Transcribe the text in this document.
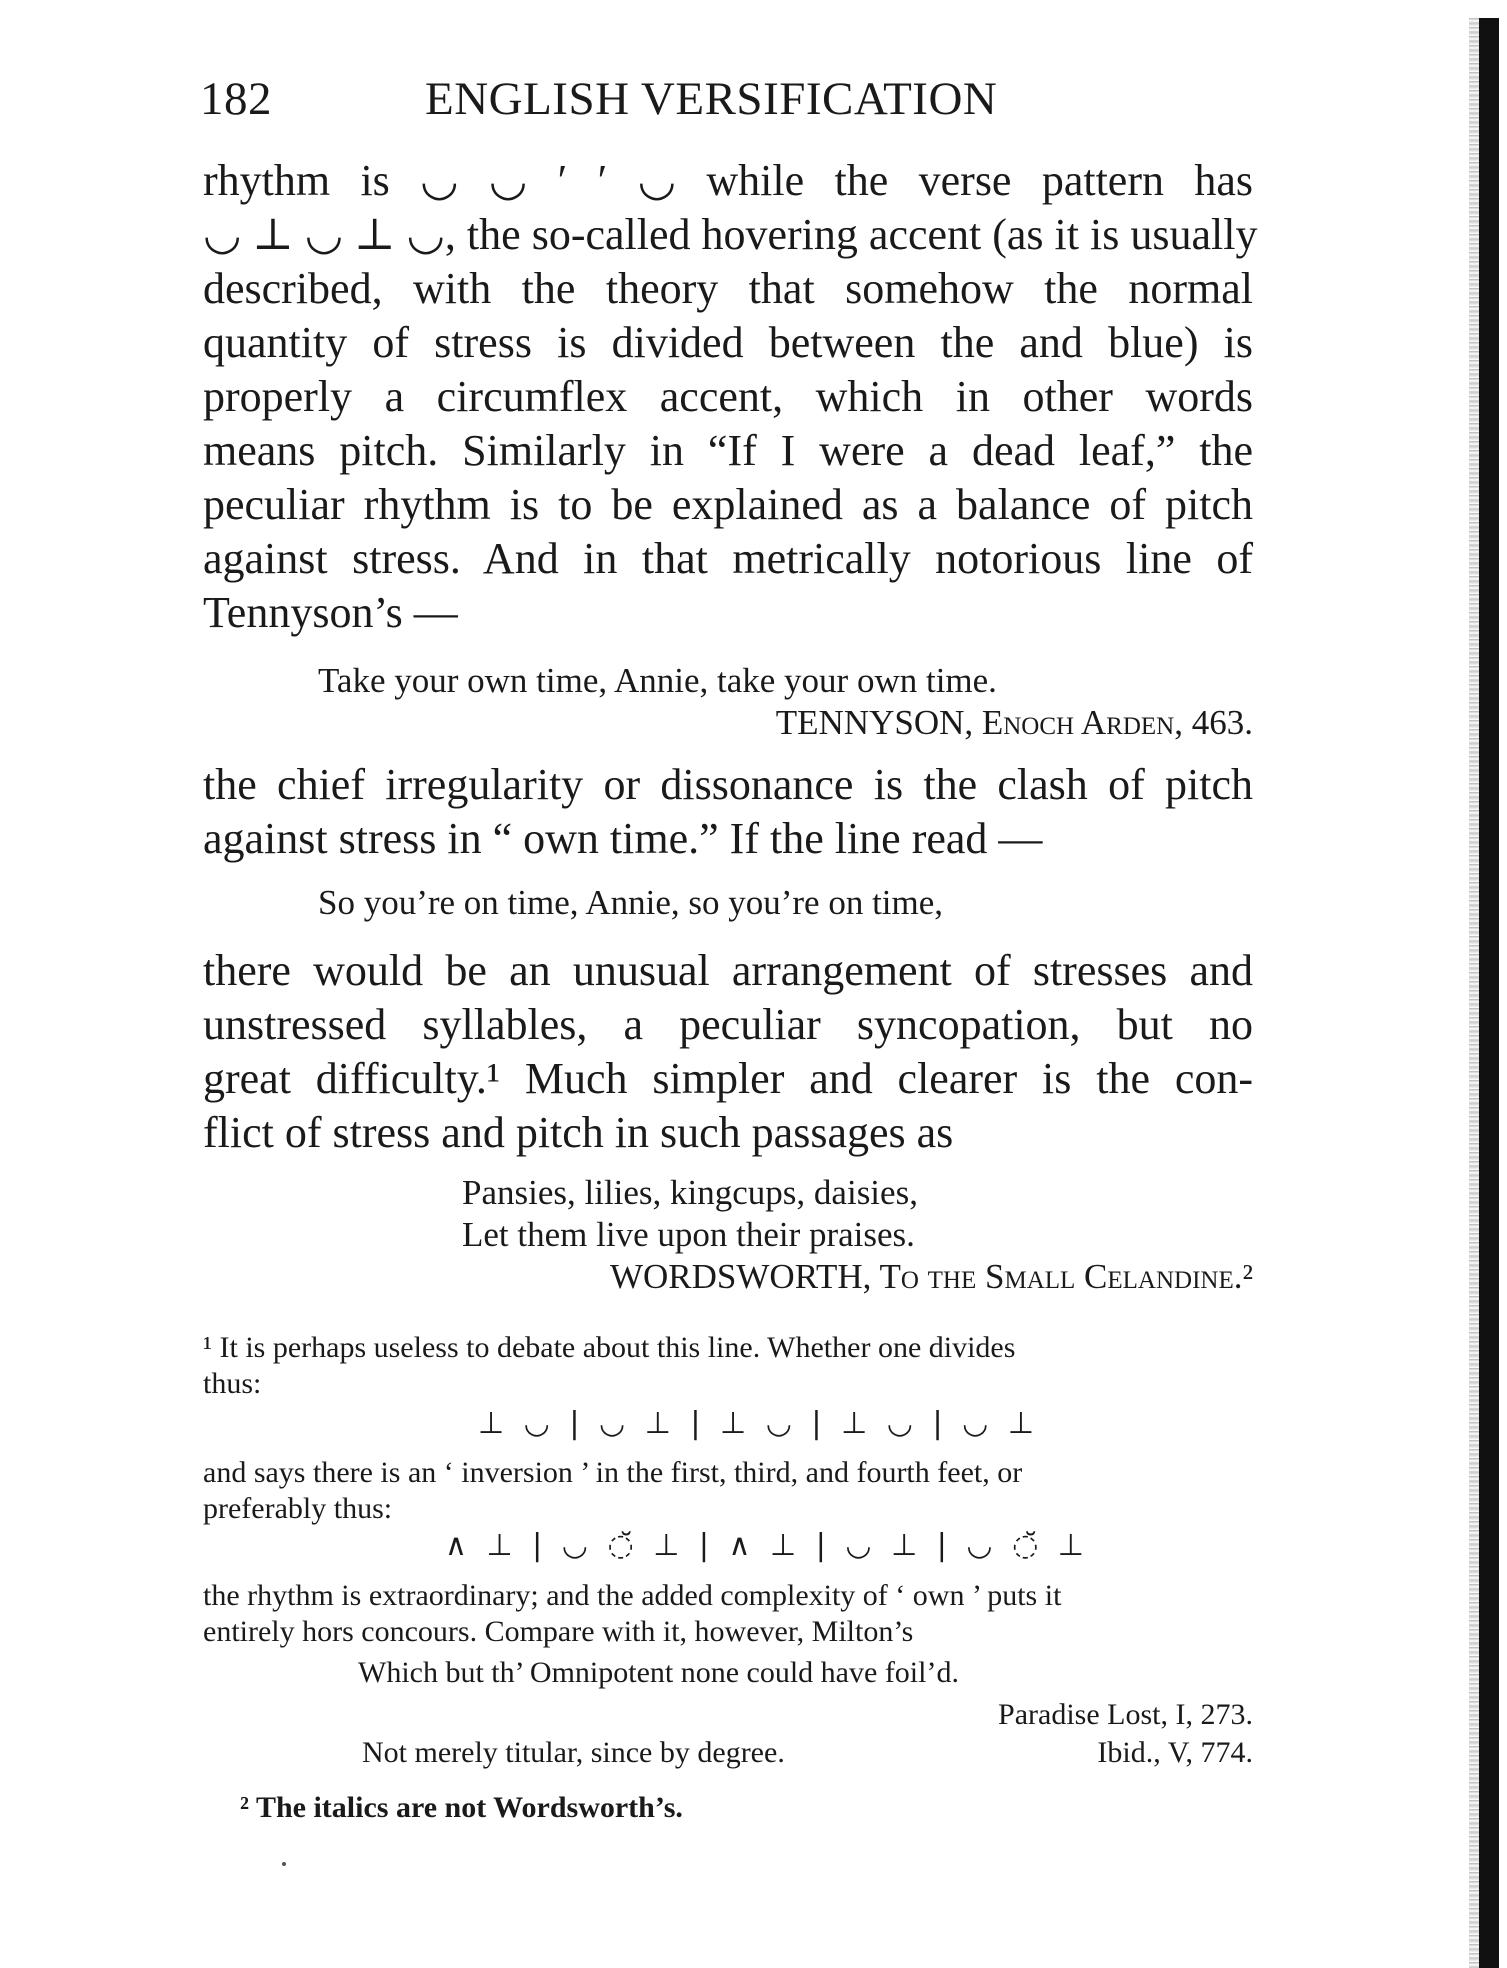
182	ENGLISH VERSIFICATION
rhythm is ◡ ◡ ′ ′ ◡ while the verse pattern has
◡ ⊥ ◡ ⊥ ◡, the so-called hovering accent (as it is usually
described, with the theory that somehow the normal
quantity of stress is divided between the and blue) is
properly a circumflex accent, which in other words
means pitch. Similarly in “If I were a dead leaf,” the
peculiar rhythm is to be explained as a balance of pitch
against stress. And in that metrically notorious line of
Tennyson’s —
Take your own time, Annie, take your own time.
TENNYSON, Enoch Arden, 463.
the chief irregularity or dissonance is the clash of pitch
against stress in “ own time.” If the line read —
So you’re on time, Annie, so you’re on time,
there would be an unusual arrangement of stresses and
unstressed syllables, a peculiar syncopation, but no
great difficulty.¹ Much simpler and clearer is the con-
flict of stress and pitch in such passages as
Pansies, lilies, kingcups, daisies,
Let them live upon their praises.
WORDSWORTH, To the Small Celandine.²
¹ It is perhaps useless to debate about this line. Whether one divides
thus:
⊥ ◡ | ◡ ⊥ | ⊥ ◡ | ⊥ ◡ | ◡ ⊥
and says there is an ‘ inversion ’ in the first, third, and fourth feet, or
preferably thus:
∧ ⊥ | ◡ ◌̆ ⊥ | ∧ ⊥ | ◡ ⊥ | ◡ ◌̆ ⊥
the rhythm is extraordinary; and the added complexity of ‘ own ’ puts it
entirely hors concours. Compare with it, however, Milton’s
Which but th’ Omnipotent none could have foil’d.
Paradise Lost, I, 273.
Not merely titular, since by degree.	Ibid., V, 774.
² The italics are not Wordsworth’s.
